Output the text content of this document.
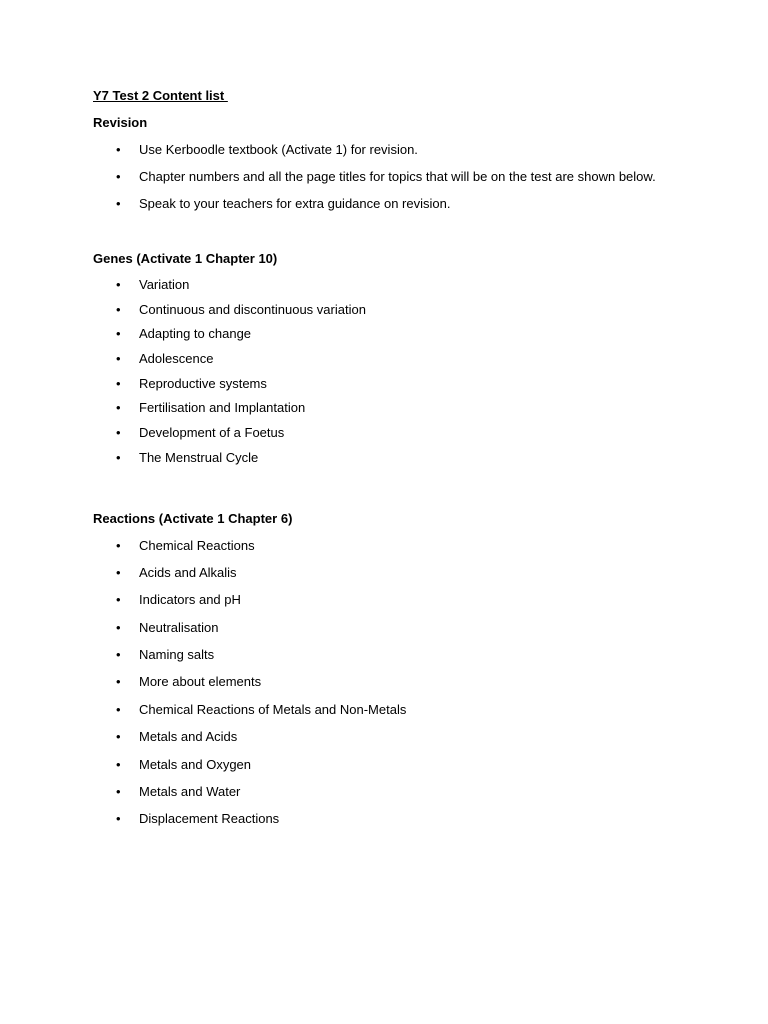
Y7 Test 2 Content list
Revision
• Use Kerboodle textbook (Activate 1) for revision.
• Chapter numbers and all the page titles for topics that will be on the test are shown below.
• Speak to your teachers for extra guidance on revision.
Genes (Activate 1 Chapter 10)
• Variation
• Continuous and discontinuous variation
• Adapting to change
• Adolescence
• Reproductive systems
• Fertilisation and Implantation
• Development of a Foetus
• The Menstrual Cycle
Reactions (Activate 1 Chapter 6)
• Chemical Reactions
• Acids and Alkalis
• Indicators and pH
• Neutralisation
• Naming salts
• More about elements
• Chemical Reactions of Metals and Non-Metals
• Metals and Acids
• Metals and Oxygen
• Metals and Water
• Displacement Reactions
